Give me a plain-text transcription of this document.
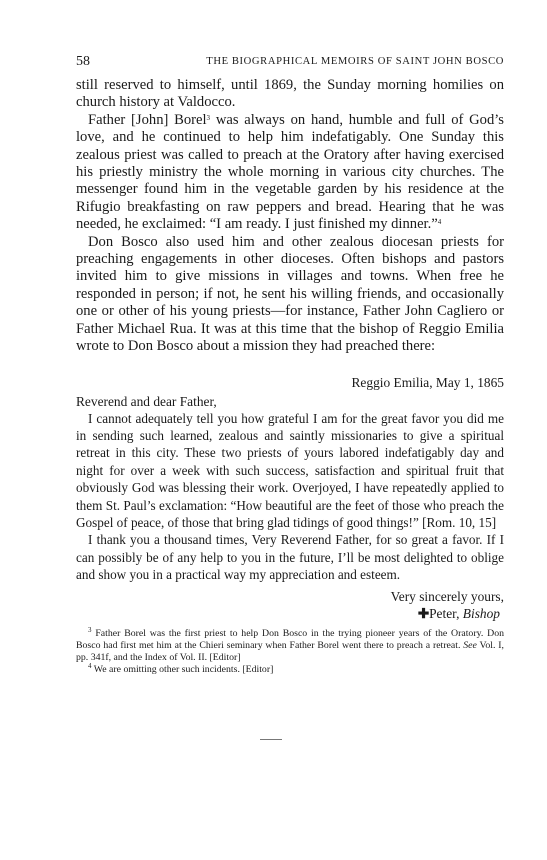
58	THE BIOGRAPHICAL MEMOIRS OF SAINT JOHN BOSCO

still reserved to himself, until 1869, the Sunday morning homilies on church history at Valdocco.

Father [John] Borel$^3$ was always on hand, humble and full of God’s love, and he continued to help him indefatigably. One Sunday this zealous priest was called to preach at the Oratory after having exercised his priestly ministry the whole morning in various city churches. The messenger found him in the vegetable garden by his residence at the Rifugio breakfasting on raw peppers and bread. Hearing that he was needed, he exclaimed: “I am ready. I just finished my dinner.”$^4$

Don Bosco also used him and other zealous diocesan priests for preaching engagements in other dioceses. Often bishops and pastors invited him to give missions in villages and towns. When free he responded in person; if not, he sent his willing friends, and occasionally one or other of his young priests—for instance, Father John Cagliero or Father Michael Rua. It was at this time that the bishop of Reggio Emilia wrote to Don Bosco about a mission they had preached there:

Reggio Emilia, May 1, 1865

Reverend and dear Father,

I cannot adequately tell you how grateful I am for the great favor you did me in sending such learned, zealous and saintly missionaries to give a spiritual retreat in this city. These two priests of yours labored indefatigably day and night for over a week with such success, satisfaction and spiritual fruit that obviously God was blessing their work. Overjoyed, I have repeatedly applied to them St. Paul’s exclamation: “How beautiful are the feet of those who preach the Gospel of peace, of those that bring glad tidings of good things!” [Rom. 10, 15]

I thank you a thousand times, Very Reverend Father, for so great a favor. If I can possibly be of any help to you in the future, I’ll be most delighted to oblige and show you in a practical way my appreciation and esteem.

Very sincerely yours,

✚Peter, Bishop

$^3$ Father Borel was the first priest to help Don Bosco in the trying pioneer years of the Oratory. Don Bosco had first met him at the Chieri seminary when Father Borel went there to preach a retreat. See Vol. I, pp. 341f, and the Index of Vol. II. [Editor]

$^4$ We are omitting other such incidents. [Editor]
